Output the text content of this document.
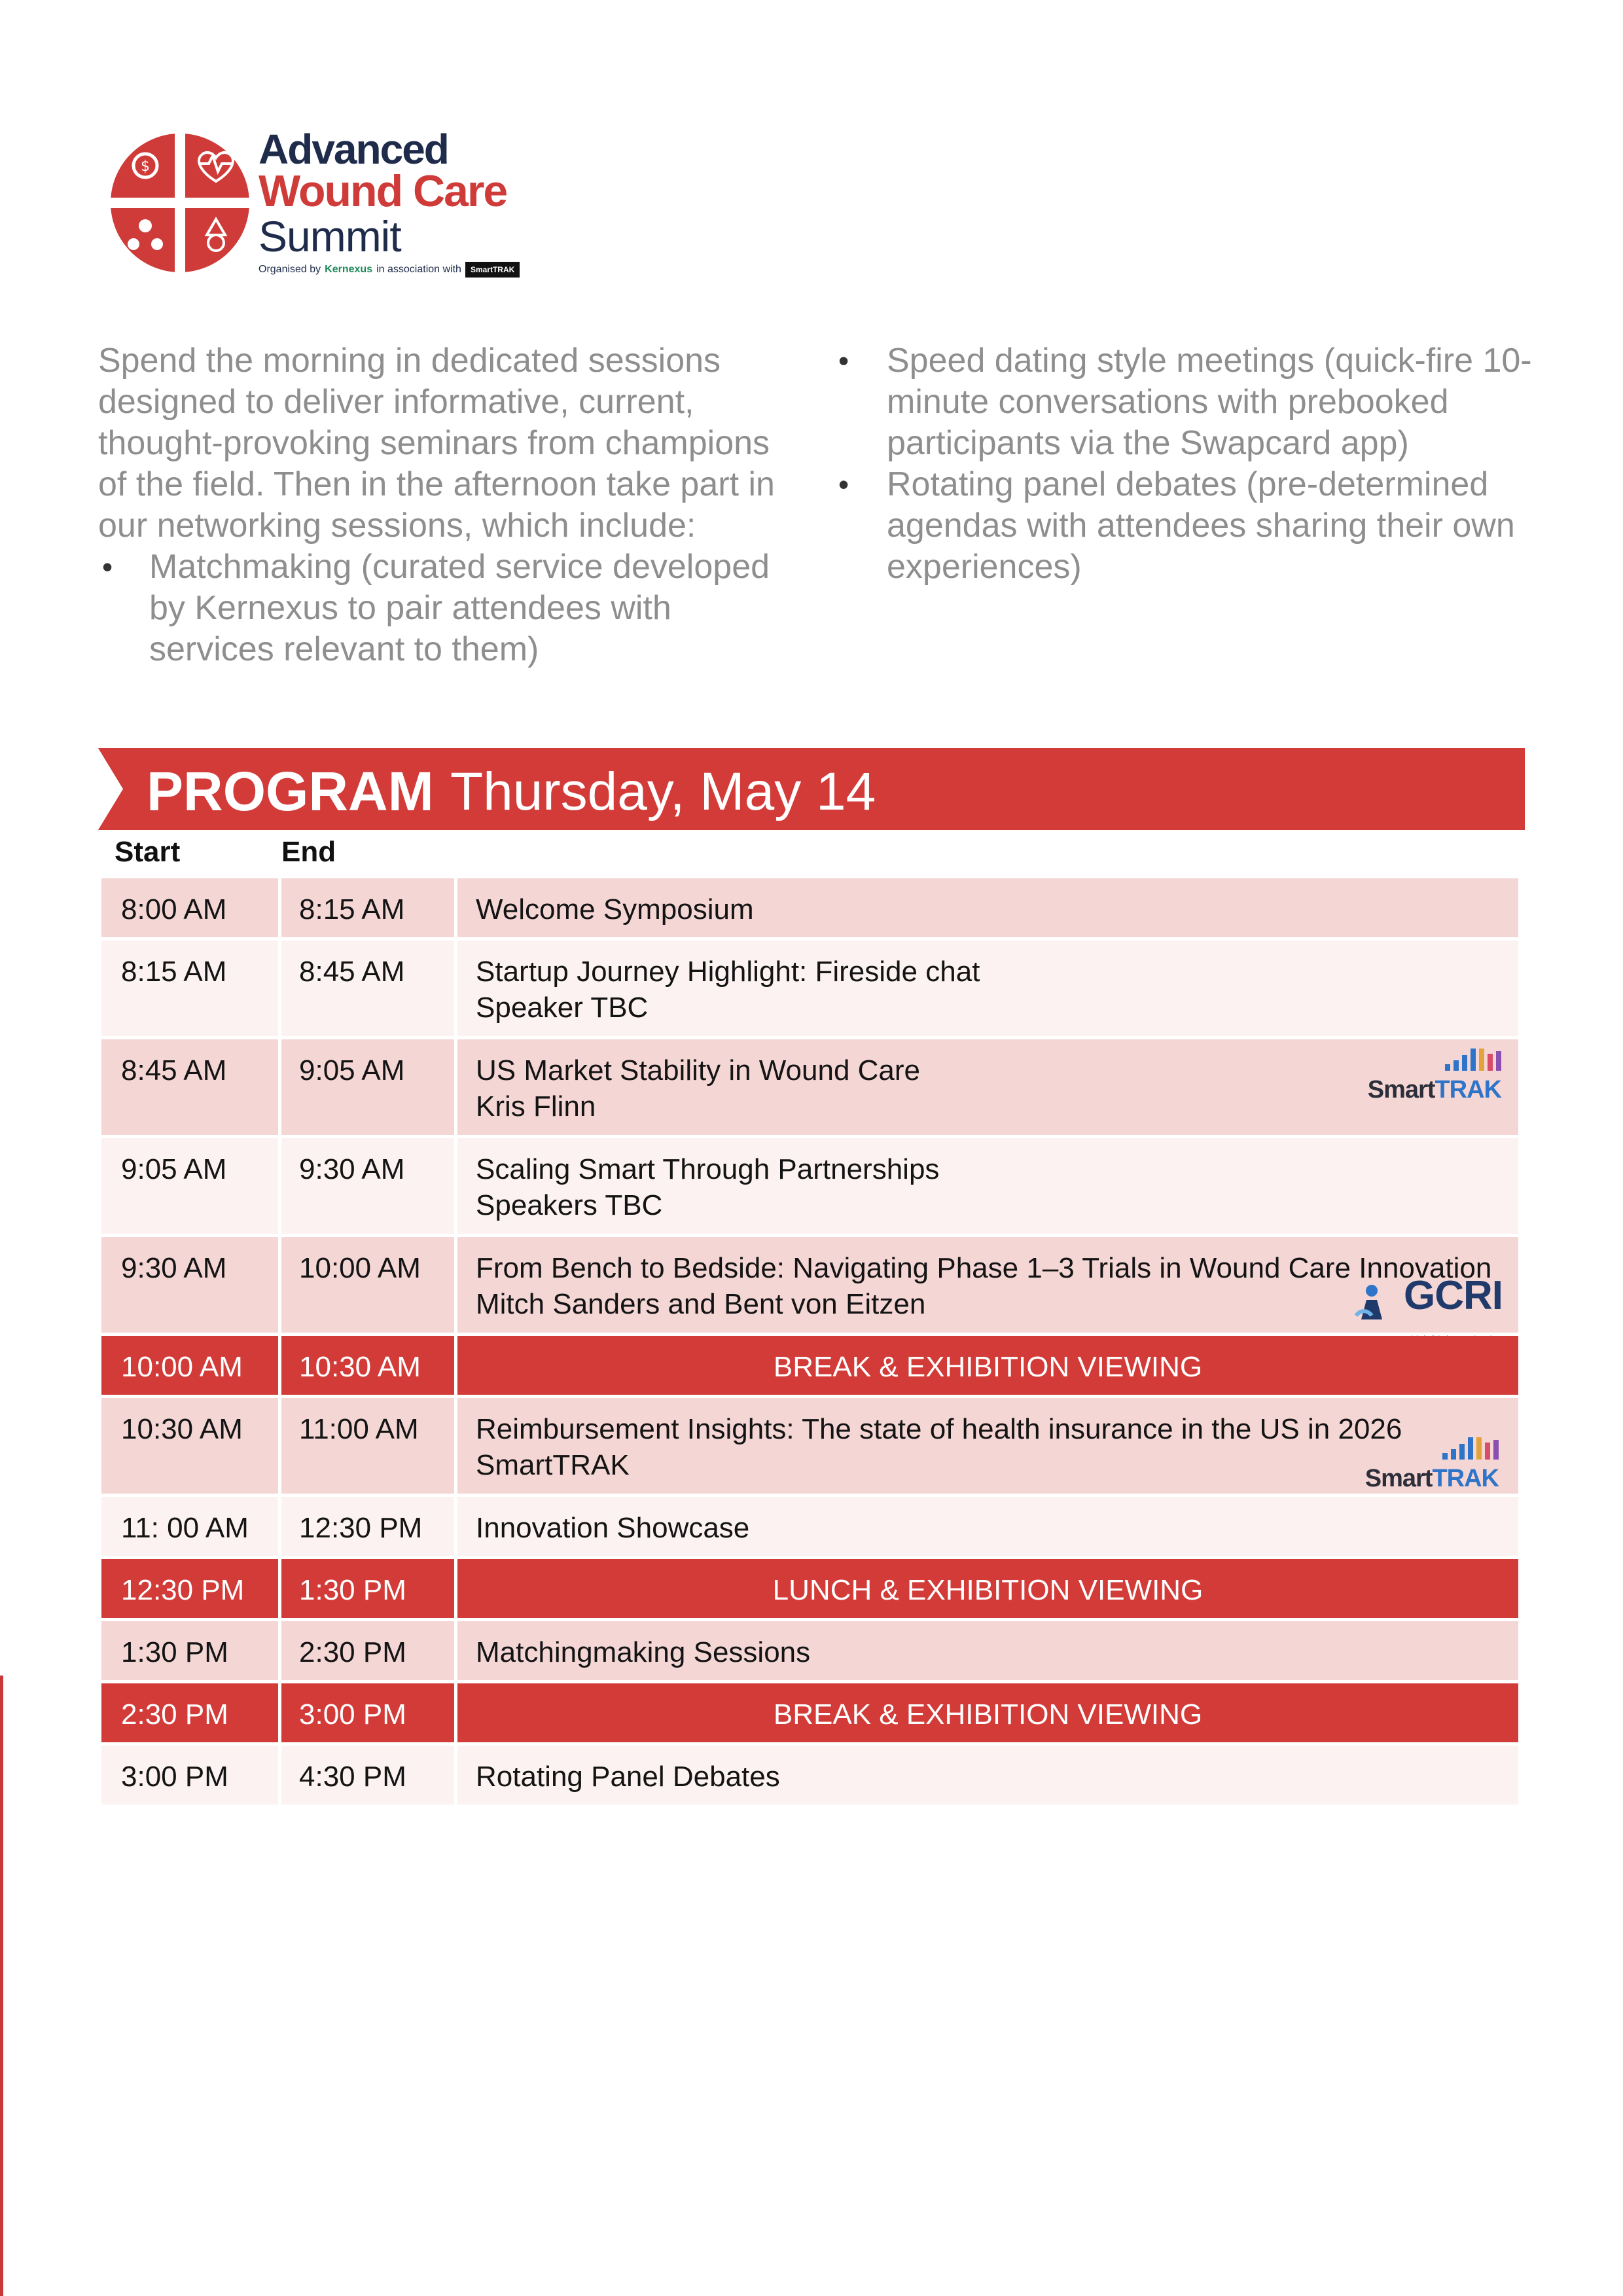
$	Advanced
Wound Care
Summit
Organised by Kernexus in association with	SmartTRAK

Spend the morning in dedicated sessions designed to deliver informative, current, thought-provoking seminars from champions of the field. Then in the afternoon take part in our networking sessions, which include:

• Matchmaking (curated service developed by Kernexus to pair attendees with services relevant to them)
• Speed dating style meetings (quick-fire 10-minute conversations with prebooked participants via the Swapcard app)
• Rotating panel debates (pre-determined agendas with attendees sharing their own experiences)
PROGRAM Thursday, May 14
Start	End
8:00 AM	8:15 AM	Welcome Symposium
8:15 AM	8:45 AM	Startup Journey Highlight: Fireside chat
Speaker TBC
8:45 AM	9:05 AM	US Market Stability in Wound Care
Kris Flinn
SmartTRAK
9:05 AM	9:30 AM	Scaling Smart Through Partnerships
Speakers TBC
9:30 AM	10:00 AM	From Bench to Bedside: Navigating Phase 1–3 Trials in Wound Care Innovation
Mitch Sanders and Bent von Eitzen	GCRI
10:00 AM	10:30 AM	BREAK & EXHIBITION VIEWING
10:30 AM	11:00 AM	Reimbursement Insights: The state of health insurance in the US in 2026
SmartTRAK	SmartTRAK
11: 00 AM	12:30 PM	Innovation Showcase
12:30 PM	1:30 PM	LUNCH & EXHIBITION VIEWING
1:30 PM	2:30 PM	Matchingmaking Sessions
2:30 PM	3:00 PM	BREAK & EXHIBITION VIEWING
3:00 PM	4:30 PM	Rotating Panel Debates
